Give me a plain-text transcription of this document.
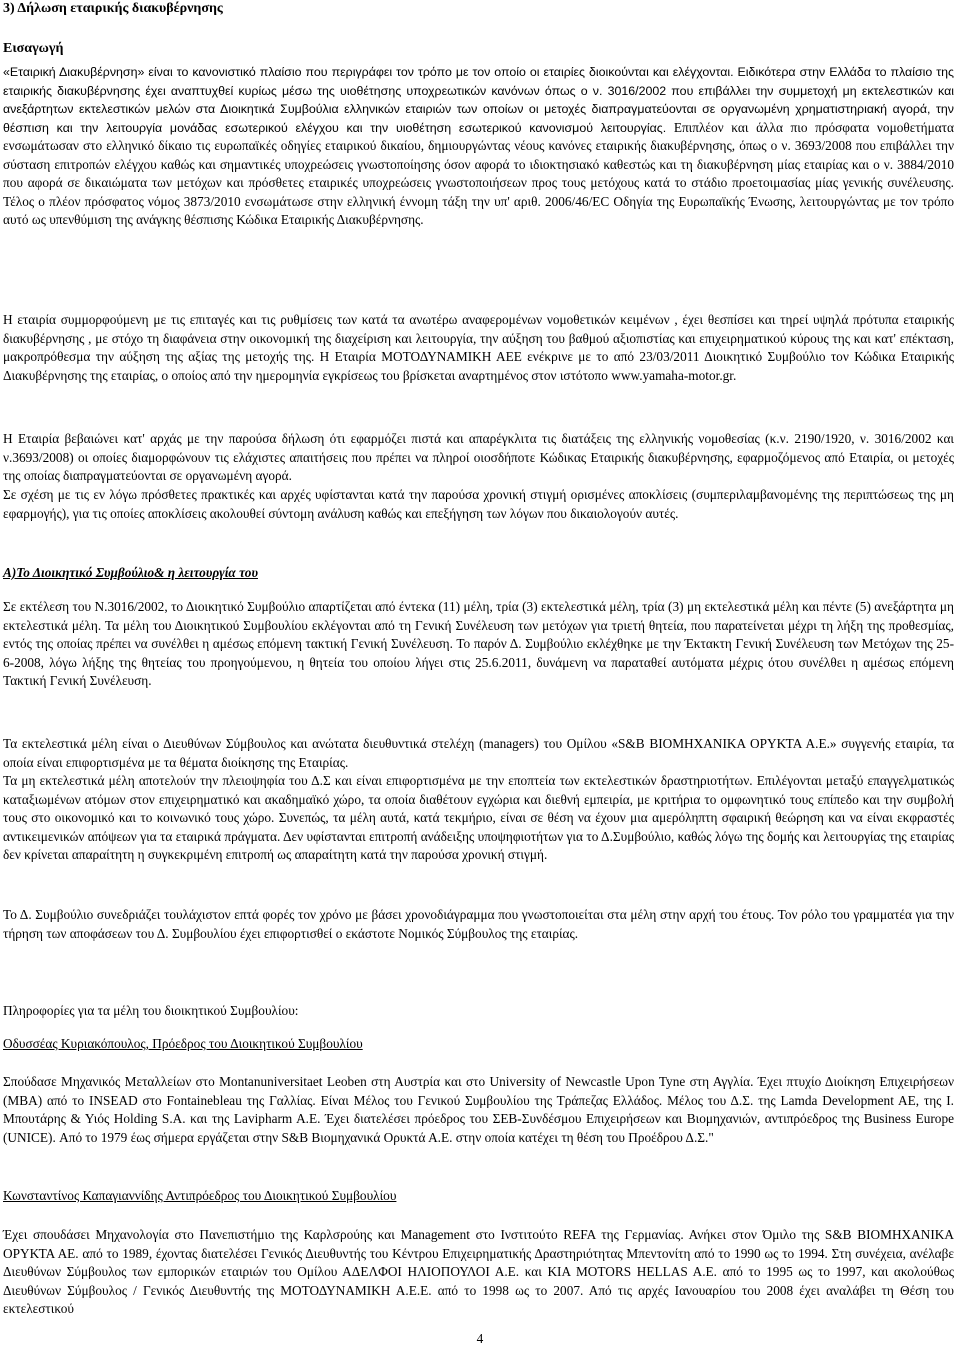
3) Δήλωση εταιρικής διακυβέρνησης
Εισαγωγή

«Εταιρική Διακυβέρνηση» είναι το κανονιστικό πλαίσιο που περιγράφει τον τρόπο με τον οποίο οι εταιρίες διοικούνται και ελέγχονται. Ειδικότερα στην Ελλάδα το πλαίσιο της εταιρικής διακυβέρνησης έχει αναπτυχθεί κυρίως μέσω της υιοθέτησης υποχρεωτικών κανόνων όπως ο ν. 3016/2002 που επιβάλλει την συμμετοχή μη εκτελεστικών και ανεξάρτητων εκτελεστικών μελών στα Διοικητικά Συμβούλια ελληνικών εταιριών των οποίων οι μετοχές διαπραγματεύονται σε οργανωμένη χρηματιστηριακή αγορά, την θέσπιση και την λειτουργία μονάδας εσωτερικού ελέγχου και την υιοθέτηση εσωτερικού κανονισμού λειτουργίας. Επιπλέον και άλλα πιο πρόσφατα νομοθετήματα ενσωμάτωσαν στο ελληνικό δίκαιο τις ευρωπαϊκές οδηγίες εταιρικού δικαίου, δημιουργώντας νέους κανόνες εταιρικής διακυβέρνησης, όπως ο ν. 3693/2008 που επιβάλλει την σύσταση επιτροπών ελέγχου καθώς και σημαντικές υποχρεώσεις γνωστοποίησης όσον αφορά το ιδιοκτησιακό καθεστώς και τη διακυβέρνηση μίας εταιρίας και ο ν. 3884/2010 που αφορά σε δικαιώματα των μετόχων και πρόσθετες εταιρικές υποχρεώσεις γνωστοποιήσεων προς τους μετόχους κατά το στάδιο προετοιμασίας μίας γενικής συνέλευσης. Τέλος ο πλέον πρόσφατος νόμος 3873/2010 ενσωμάτωσε στην ελληνική έννομη τάξη την υπ' αριθ. 2006/46/ΕC Οδηγία της Ευρωπαϊκής Ένωσης, λειτουργώντας με τον τρόπο αυτό ως υπενθύμιση της ανάγκης θέσπισης Κώδικα Εταιρικής Διακυβέρνησης.

Η εταιρία συμμορφούμενη με τις επιταγές και τις ρυθμίσεις των κατά τα ανωτέρω αναφερομένων νομοθετικών κειμένων , έχει θεσπίσει και τηρεί υψηλά πρότυπα εταιρικής διακυβέρνησης , με στόχο τη διαφάνεια στην οικονομική της διαχείριση και λειτουργία, την αύξηση του βαθμού αξιοπιστίας και επιχειρηματικού κύρους της και κατ' επέκταση, μακροπρόθεσμα την αύξηση της αξίας της μετοχής της. Η Εταιρία ΜΟΤΟΔΥΝΑΜΙΚΗ ΑΕΕ ενέκρινε με το από 23/03/2011 Διοικητικό Συμβούλιο τον Κώδικα Εταιρικής Διακυβέρνησης της εταιρίας, ο οποίος από την ημερομηνία εγκρίσεως του βρίσκεται αναρτημένος στον ιστότοπο www.yamaha-motor.gr.

Η Εταιρία βεβαιώνει κατ' αρχάς με την παρούσα δήλωση ότι εφαρμόζει πιστά και απαρέγκλιτα τις διατάξεις της ελληνικής νομοθεσίας (κ.ν. 2190/1920, ν. 3016/2002 και ν.3693/2008) οι οποίες διαμορφώνουν τις ελάχιστες απαιτήσεις που πρέπει να πληροί οιοσδήποτε Κώδικας Εταιρικής διακυβέρνησης, εφαρμοζόμενος από Εταιρία, οι μετοχές της οποίας διαπραγματεύονται σε οργανωμένη αγορά.

Σε σχέση με τις εν λόγω πρόσθετες πρακτικές και αρχές υφίστανται κατά την παρούσα χρονική στιγμή ορισμένες αποκλίσεις (συμπεριλαμβανομένης της περιπτώσεως της μη εφαρμογής), για τις οποίες αποκλίσεις ακολουθεί σύντομη ανάλυση καθώς και επεξήγηση των λόγων που δικαιολογούν αυτές.

Α)Το Διοικητικό Συμβούλιο& η λειτουργία του

Σε εκτέλεση του Ν.3016/2002, το Διοικητικό Συμβούλιο απαρτίζεται από έντεκα (11) μέλη, τρία (3) εκτελεστικά μέλη, τρία (3) μη εκτελεστικά μέλη και πέντε (5) ανεξάρτητα μη εκτελεστικά μέλη. Τα μέλη του Διοικητικού Συμβουλίου εκλέγονται από τη Γενική Συνέλευση των μετόχων για τριετή θητεία, που παρατείνεται μέχρι τη λήξη της προθεσμίας, εντός της οποίας πρέπει να συνέλθει η αμέσως επόμενη τακτική Γενική Συνέλευση. Το παρόν Δ. Συμβούλιο εκλέχθηκε με την Έκτακτη Γενική Συνέλευση των Μετόχων της 25-6-2008, λόγω λήξης της θητείας του προηγούμενου, η θητεία του οποίου λήγει στις 25.6.2011, δυνάμενη να παραταθεί αυτόματα μέχρις ότου συνέλθει η αμέσως επόμενη Τακτική Γενική Συνέλευση.

Τα εκτελεστικά μέλη είναι ο Διευθύνων Σύμβουλος και ανώτατα διευθυντικά στελέχη (managers) του Ομίλου «S&B ΒΙΟΜΗΧΑΝΙΚΑ ΟΡΥΚΤΑ Α.Ε.» συγγενής εταιρία, τα οποία είναι επιφορτισμένα με τα θέματα διοίκησης της Εταιρίας.

Τα μη εκτελεστικά μέλη αποτελούν την πλειοψηφία του Δ.Σ και είναι επιφορτισμένα με την εποπτεία των εκτελεστικών δραστηριοτήτων. Επιλέγονται μεταξύ επαγγελματικώς καταξιωμένων ατόμων στον επιχειρηματικό και ακαδημαϊκό χώρο, τα οποία διαθέτουν εγχώρια και διεθνή εμπειρία, με κριτήρια το ομφωνητικό τους επίπεδο και την συμβολή τους στο οικονομικό και το κοινωνικό τους χώρο. Συνεπώς, τα μέλη αυτά, κατά τεκμήριο, είναι σε θέση να έχουν μια αμερόληπτη σφαιρική θεώρηση και να είναι εκφραστές αντικειμενικών απόψεων για τα εταιρικά πράγματα. Δεν υφίστανται επιτροπή ανάδειξης υποψηφιοτήτων για το Δ.Συμβούλιο, καθώς λόγω της δομής και λειτουργίας της εταιρίας δεν κρίνεται απαραίτητη η συγκεκριμένη επιτροπή ως απαραίτητη κατά την παρούσα χρονική στιγμή.

Το Δ. Συμβούλιο συνεδριάζει τουλάχιστον επτά φορές τον χρόνο με βάσει χρονοδιάγραμμα που γνωστοποιείται στα μέλη στην αρχή του έτους. Τον ρόλο του γραμματέα για την τήρηση των αποφάσεων του Δ. Συμβουλίου έχει επιφορτισθεί ο εκάστοτε Νομικός Σύμβουλος της εταιρίας.

Πληροφορίες για τα μέλη του διοικητικού Συμβουλίου:
Οδυσσέας Κυριακόπουλος, Πρόεδρος του Διοικητικού Συμβουλίου

Σπούδασε Μηχανικός Μεταλλείων στο Montanuniversitaet Leoben στη Αυστρία και στο University of Newcastle Upon Tyne στη Αγγλία. Έχει πτυχίο Διοίκηση Επιχειρήσεων (MBA) από το INSEAD στο Fontainebleau της Γαλλίας. Είναι Μέλος του Γενικού Συμβουλίου της Τράπεζας Ελλάδος. Μέλος του Δ.Σ. της Lamda Development AE, της Ι. Μπουτάρης & Υιός Holding S.A. και της Lavipharm A.E. Έχει διατελέσει πρόεδρος του ΣΕΒ-Συνδέσμου Επιχειρήσεων και Βιομηχανιών, αντιπρόεδρος της Business Europe (UNICE). Από το 1979 έως σήμερα εργάζεται στην S&B Βιομηχανικά Ορυκτά Α.Ε. στην οποία κατέχει τη θέση του Προέδρου Δ.Σ."

Κωνσταντίνος Καπαγιαννίδης Αντιπρόεδρος του Διοικητικού Συμβουλίου

Έχει σπουδάσει Μηχανολογία στο Πανεπιστήμιο της Καρλσρούης και Management στο Ινστιτούτο REFA της Γερμανίας. Ανήκει στον Όμιλο της S&B ΒΙΟΜΗΧΑΝΙΚΑ ΟΡΥΚΤΑ ΑΕ. από το 1989, έχοντας διατελέσει Γενικός Διευθυντής του Κέντρου Επιχειρηματικής Δραστηριότητας Μπεντονίτη από το 1990 ως το 1994. Στη συνέχεια, ανέλαβε Διευθύνων Σύμβουλος των εμπορικών εταιριών του Ομίλου ΑΔΕΛΦΟΙ ΗΛΙΟΠΟΥΛΟΙ Α.Ε. και ΚΙΑ MOTORS HELLAS A.E. από το 1995 ως το 1997, και ακολούθως Διευθύνων Σύμβουλος / Γενικός Διευθυντής της ΜΟΤΟΔΥΝΑΜΙΚΗ Α.Ε.Ε. από το 1998 ως το 2007. Από τις αρχές Ιανουαρίου του 2008 έχει αναλάβει τη Θέση του εκτελεστικού

4
